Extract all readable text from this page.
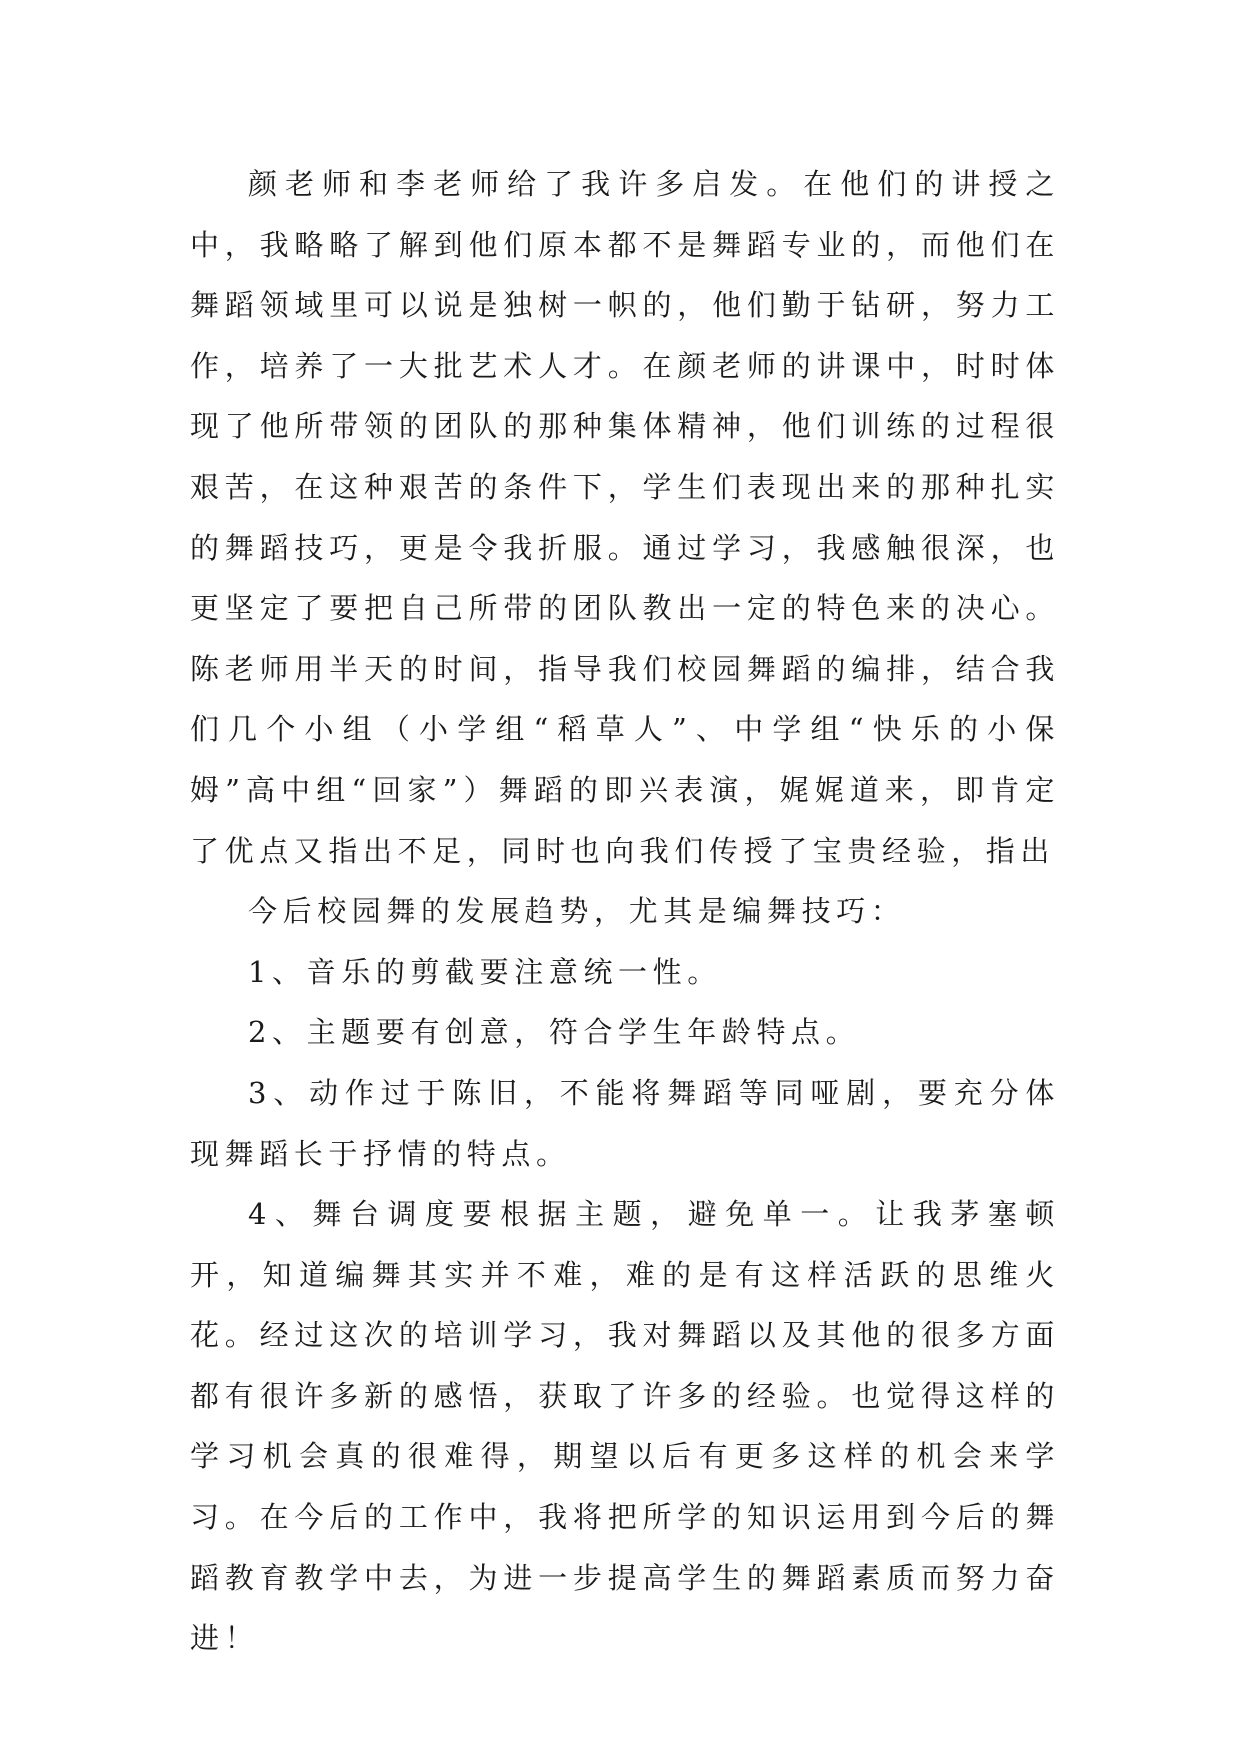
颜老师和李老师给了我许多启发。在他们的讲授之中，我略略了解到他们原本都不是舞蹈专业的，而他们在舞蹈领域里可以说是独树一帜的，他们勤于钻研，努力工作，培养了一大批艺术人才。在颜老师的讲课中，时时体现了他所带领的团队的那种集体精神，他们训练的过程很艰苦，在这种艰苦的条件下，学生们表现出来的那种扎实的舞蹈技巧，更是令我折服。通过学习，我感触很深，也更坚定了要把自己所带的团队教出一定的特色来的决心。陈老师用半天的时间，指导我们校园舞蹈的编排，结合我们几个小组（小学组“稻草人”、中学组“快乐的小保姆”高中组“回家”）舞蹈的即兴表演，娓娓道来，即肯定了优点又指出不足，同时也向我们传授了宝贵经验，指出

今后校园舞的发展趋势，尤其是编舞技巧：

1、音乐的剪截要注意统一性。

2、主题要有创意，符合学生年龄特点。

3、动作过于陈旧，不能将舞蹈等同哑剧，要充分体现舞蹈长于抒情的特点。

4、舞台调度要根据主题，避免单一。让我茅塞顿开，知道编舞其实并不难，难的是有这样活跃的思维火花。经过这次的培训学习，我对舞蹈以及其他的很多方面都有很许多新的感悟，获取了许多的经验。也觉得这样的学习机会真的很难得，期望以后有更多这样的机会来学习。在今后的工作中，我将把所学的知识运用到今后的舞蹈教育教学中去，为进一步提高学生的舞蹈素质而努力奋进！
